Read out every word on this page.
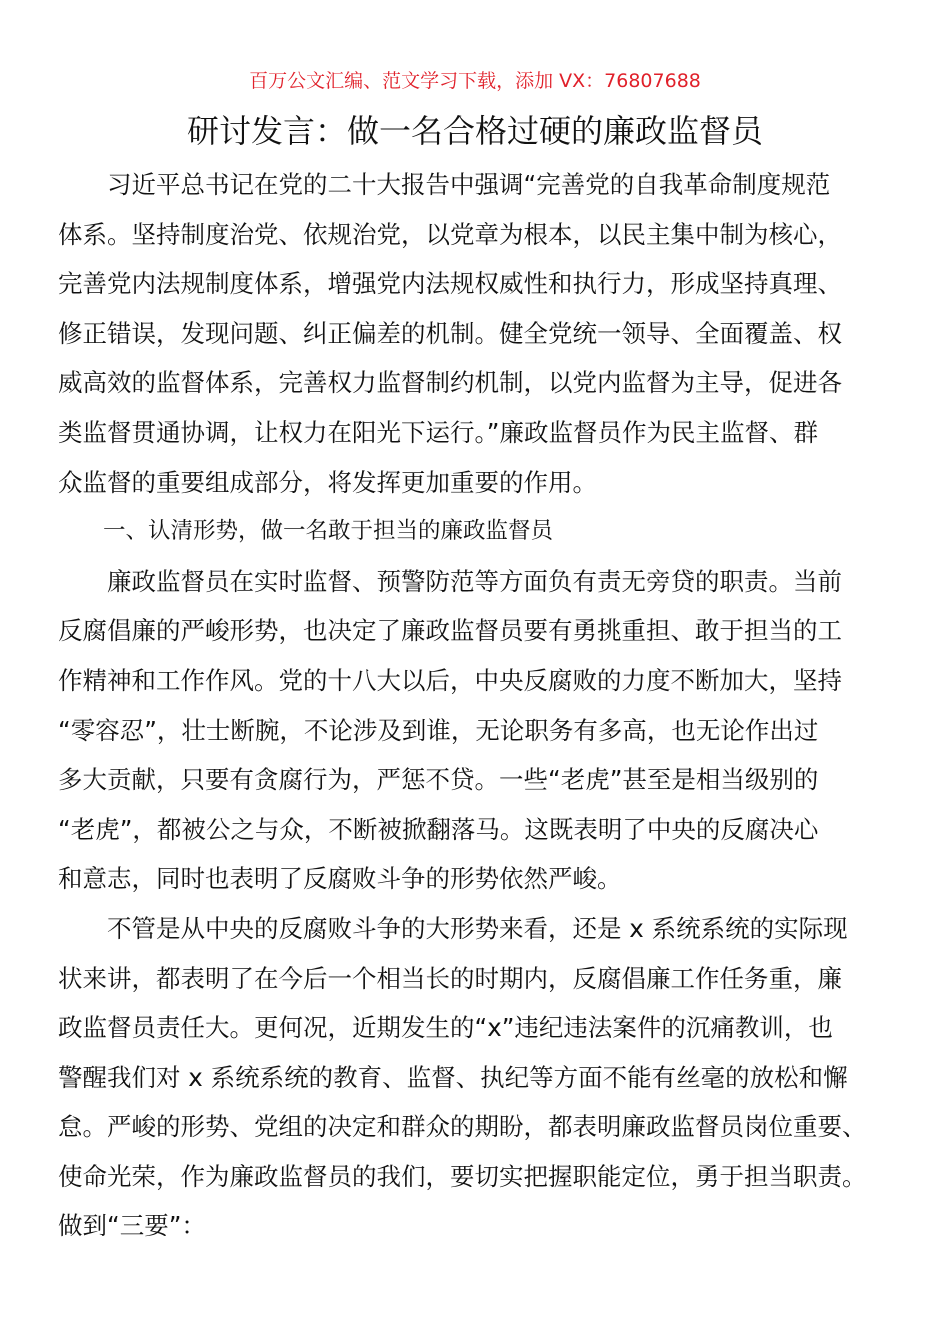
百万公文汇编、范文学习下载，添加 VX：76807688
研讨发言：做一名合格过硬的廉政监督员
　　习近平总书记在党的二十大报告中强调“完善党的自我革命制度规范
体系。坚持制度治党、依规治党，以党章为根本，以民主集中制为核心，
完善党内法规制度体系，增强党内法规权威性和执行力，形成坚持真理、
修正错误，发现问题、纠正偏差的机制。健全党统一领导、全面覆盖、权
威高效的监督体系，完善权力监督制约机制，以党内监督为主导，促进各
类监督贯通协调，让权力在阳光下运行。”廉政监督员作为民主监督、群
众监督的重要组成部分，将发挥更加重要的作用。
　　一、认清形势，做一名敢于担当的廉政监督员
　　廉政监督员在实时监督、预警防范等方面负有责无旁贷的职责。当前
反腐倡廉的严峻形势，也决定了廉政监督员要有勇挑重担、敢于担当的工
作精神和工作作风。党的十八大以后，中央反腐败的力度不断加大，坚持
“零容忍”，壮士断腕，不论涉及到谁，无论职务有多高，也无论作出过
多大贡献，只要有贪腐行为，严惩不贷。一些“老虎”甚至是相当级别的
“老虎”，都被公之与众，不断被掀翻落马。这既表明了中央的反腐决心
和意志，同时也表明了反腐败斗争的形势依然严峻。
　　不管是从中央的反腐败斗争的大形势来看，还是 x 系统系统的实际现
状来讲，都表明了在今后一个相当长的时期内，反腐倡廉工作任务重，廉
政监督员责任大。更何况，近期发生的“x”违纪违法案件的沉痛教训，也
警醒我们对 x 系统系统的教育、监督、执纪等方面不能有丝毫的放松和懈
怠。严峻的形势、党组的决定和群众的期盼，都表明廉政监督员岗位重要、
使命光荣，作为廉政监督员的我们，要切实把握职能定位，勇于担当职责。
做到“三要”：
